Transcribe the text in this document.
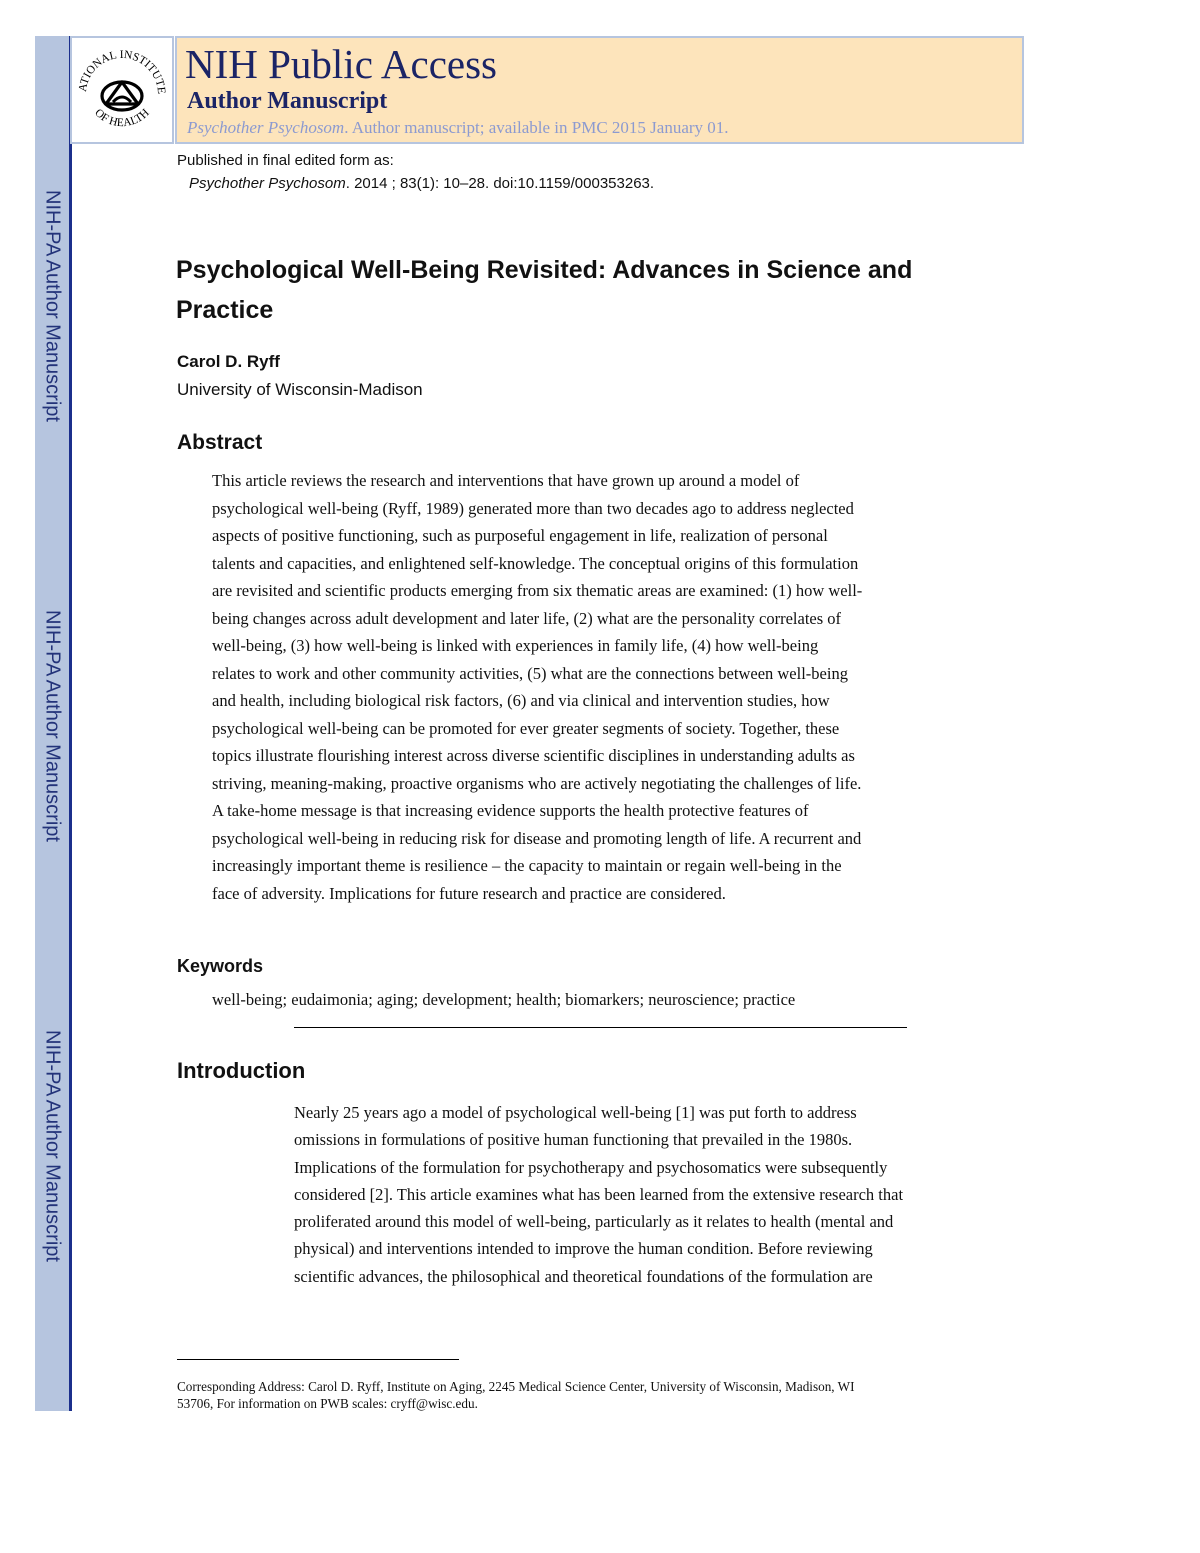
NIH-PA Author Manuscript
NIH-PA Author Manuscript
NIH-PA Author Manuscript
ATIONAL INSTITUTE
OF HEALTH
NIH Public Access
Author Manuscript
Psychother Psychosom. Author manuscript; available in PMC 2015 January 01.
Published in final edited form as:
Psychother Psychosom. 2014 ; 83(1): 10–28. doi:10.1159/000353263.
Psychological Well-Being Revisited: Advances in Science and
Practice
Carol D. Ryff
University of Wisconsin-Madison
Abstract
This article reviews the research and interventions that have grown up around a model of
psychological well-being (Ryff, 1989) generated more than two decades ago to address neglected
aspects of positive functioning, such as purposeful engagement in life, realization of personal
talents and capacities, and enlightened self-knowledge. The conceptual origins of this formulation
are revisited and scientific products emerging from six thematic areas are examined: (1) how well-
being changes across adult development and later life, (2) what are the personality correlates of
well-being, (3) how well-being is linked with experiences in family life, (4) how well-being
relates to work and other community activities, (5) what are the connections between well-being
and health, including biological risk factors, (6) and via clinical and intervention studies, how
psychological well-being can be promoted for ever greater segments of society. Together, these
topics illustrate flourishing interest across diverse scientific disciplines in understanding adults as
striving, meaning-making, proactive organisms who are actively negotiating the challenges of life.
A take-home message is that increasing evidence supports the health protective features of
psychological well-being in reducing risk for disease and promoting length of life. A recurrent and
increasingly important theme is resilience – the capacity to maintain or regain well-being in the
face of adversity. Implications for future research and practice are considered.
Keywords
well-being; eudaimonia; aging; development; health; biomarkers; neuroscience; practice
Introduction
Nearly 25 years ago a model of psychological well-being [1] was put forth to address
omissions in formulations of positive human functioning that prevailed in the 1980s.
Implications of the formulation for psychotherapy and psychosomatics were subsequently
considered [2]. This article examines what has been learned from the extensive research that
proliferated around this model of well-being, particularly as it relates to health (mental and
physical) and interventions intended to improve the human condition. Before reviewing
scientific advances, the philosophical and theoretical foundations of the formulation are
Corresponding Address: Carol D. Ryff, Institute on Aging, 2245 Medical Science Center, University of Wisconsin, Madison, WI
53706, For information on PWB scales: cryff@wisc.edu.
